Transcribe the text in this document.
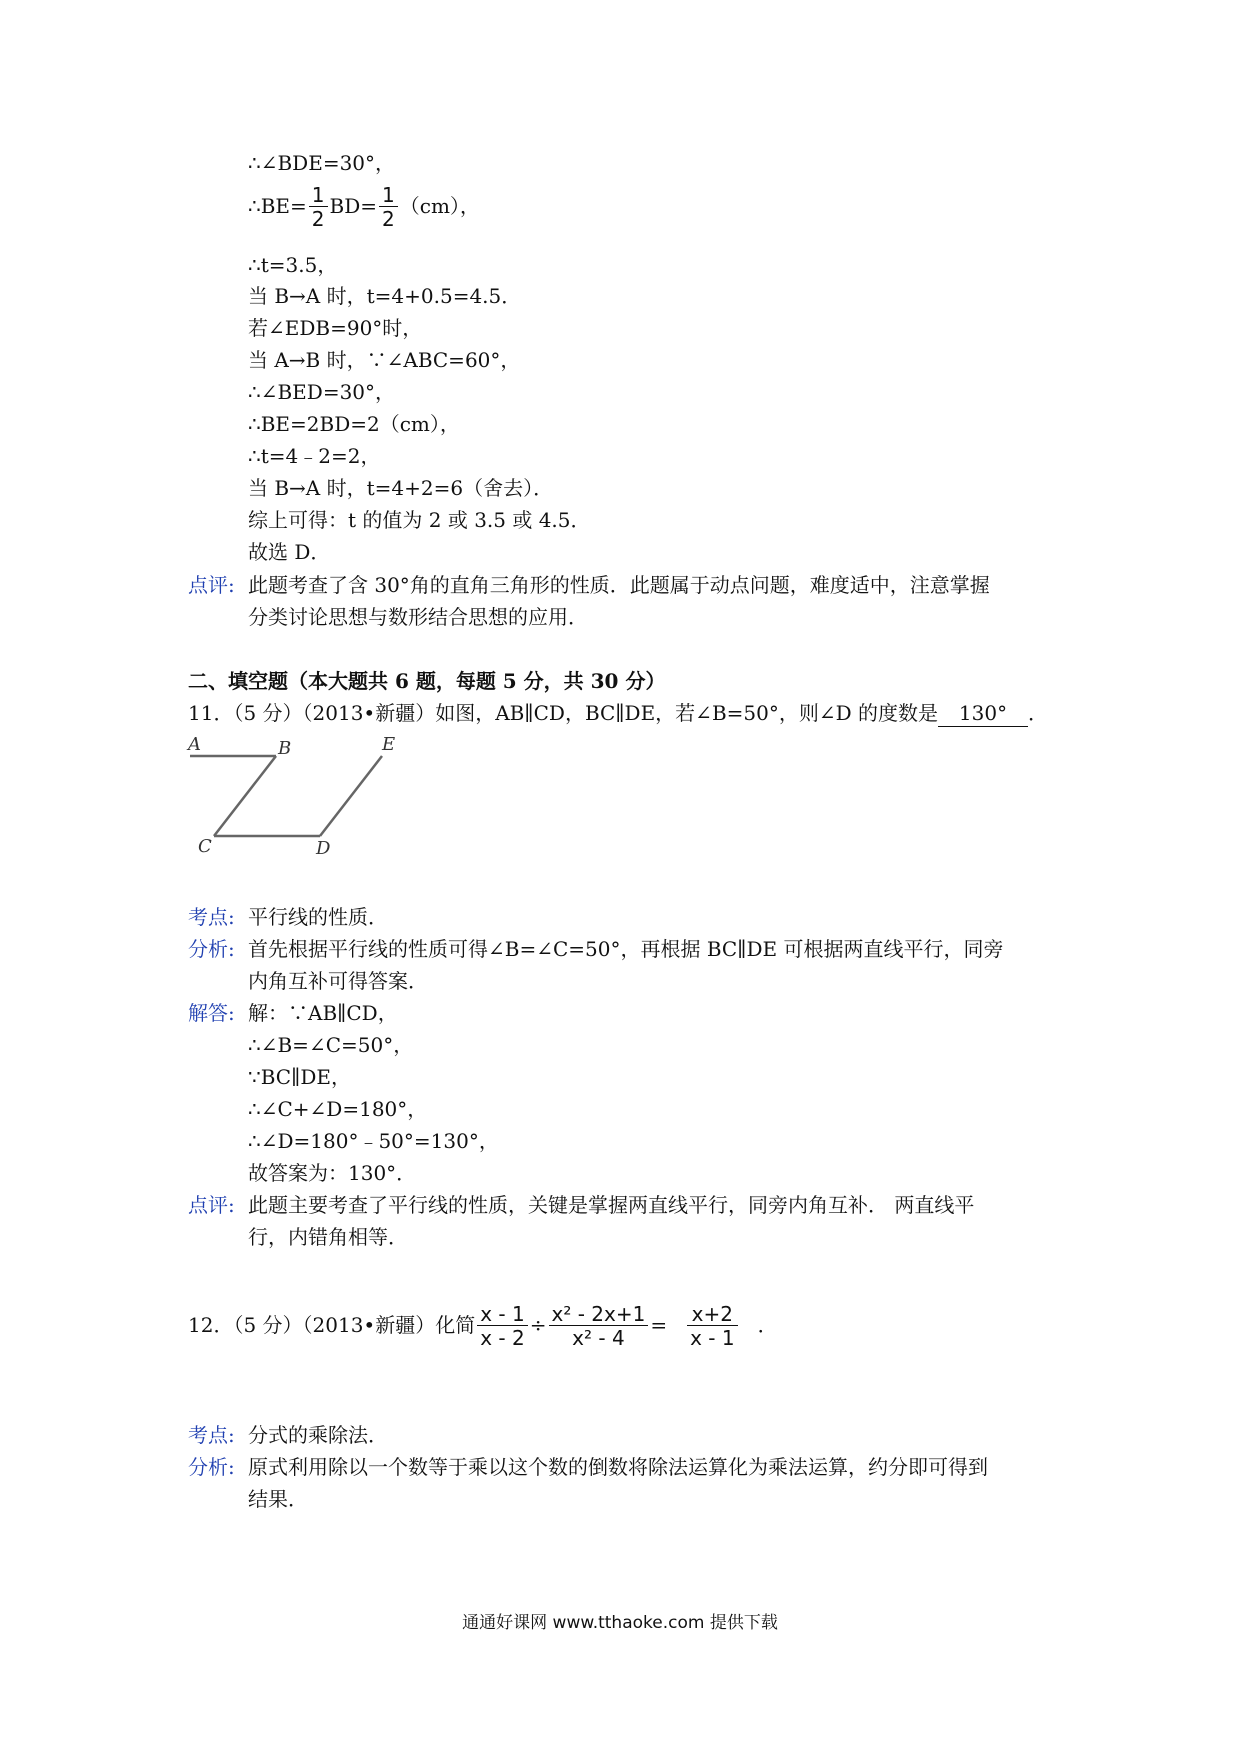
∴∠BDE=30°，
∴BE= $\frac{1}{2} BD= \frac{1}{2} (cm)$，
∴t=3.5，
当 B→A 时，t=4+0.5=4.5．
若∠EDB=90°时，
当 A→B 时，∵∠ABC=60°，
∴∠BED=30°，
∴BE=2BD=2（cm），
∴t=4﹣2=2，
当 B→A 时，t=4+2=6（舍去）．
综上可得：t 的值为 2 或 3.5 或 4.5．
故选 D．
点评: 此题考查了含 30°角的直角三角形的性质．此题属于动点问题，难度适中，注意掌握
分类讨论思想与数形结合思想的应用．
二、填空题（本大题共 6 题，每题 5 分，共 30 分）
11．（5 分）（2013•新疆）如图，AB∥CD，BC∥DE，若∠B=50°，则∠D 的度数是 130° ．
A	B	E
C	D
考点: 平行线的性质．
分析: 首先根据平行线的性质可得∠B=∠C=50°，再根据 BC∥DE 可根据两直线平行，同旁
内角互补可得答案．
解答: 解：∵AB∥CD，
∴∠B=∠C=50°，
∵BC∥DE，
∴∠C+∠D=180°，
∴∠D=180°﹣50°=130°，
故答案为：130°．
点评: 此题主要考查了平行线的性质，关键是掌握两直线平行，同旁内角互补． 两直线平
行，内错角相等．
12．（5 分）（2013•新疆）化简 $\frac{x - 1}{x - 2} \div \frac{\text{x² - 2x+1}}{\text{x² - 4}} = \frac{x+2}{x - 1}$ ．
考点: 分式的乘除法．
分析: 原式利用除以一个数等于乘以这个数的倒数将除法运算化为乘法运算，约分即可得到
结果．
通通好课网 www.tthaoke.com 提供下载
